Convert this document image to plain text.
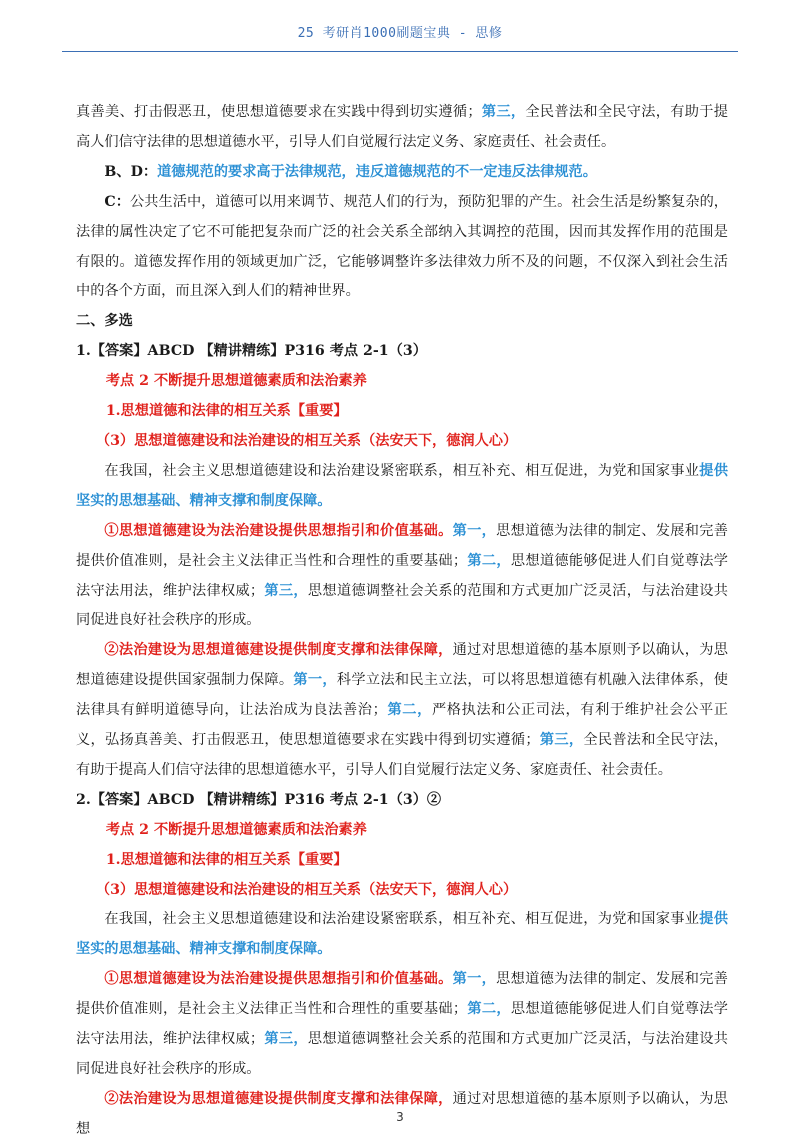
25 考研肖1000刷题宝典 - 思修

真善美、打击假恶丑，使思想道德要求在实践中得到切实遵循；第三，全民普法和全民守法，有助于提高人们信守法律的思想道德水平，引导人们自觉履行法定义务、家庭责任、社会责任。

B、D：道德规范的要求高于法律规范，违反道德规范的不一定违反法律规范。

C：公共生活中，道德可以用来调节、规范人们的行为，预防犯罪的产生。社会生活是纷繁复杂的，法律的属性决定了它不可能把复杂而广泛的社会关系全部纳入其调控的范围，因而其发挥作用的范围是有限的。道德发挥作用的领域更加广泛，它能够调整许多法律效力所不及的问题，不仅深入到社会生活中的各个方面，而且深入到人们的精神世界。

二、多选

1.【答案】ABCD 【精讲精练】P316 考点 2-1（3）

考点 2 不断提升思想道德素质和法治素养

1.思想道德和法律的相互关系【重要】

（3）思想道德建设和法治建设的相互关系（法安天下，德润人心）

在我国，社会主义思想道德建设和法治建设紧密联系，相互补充、相互促进，为党和国家事业提供坚实的思想基础、精神支撑和制度保障。

①思想道德建设为法治建设提供思想指引和价值基础。第一，思想道德为法律的制定、发展和完善提供价值准则，是社会主义法律正当性和合理性的重要基础；第二，思想道德能够促进人们自觉尊法学法守法用法，维护法律权威；第三，思想道德调整社会关系的范围和方式更加广泛灵活，与法治建设共同促进良好社会秩序的形成。

②法治建设为思想道德建设提供制度支撑和法律保障，通过对思想道德的基本原则予以确认，为思想道德建设提供国家强制力保障。第一，科学立法和民主立法，可以将思想道德有机融入法律体系，使法律具有鲜明道德导向，让法治成为良法善治；第二，严格执法和公正司法，有利于维护社会公平正义，弘扬真善美、打击假恶丑，使思想道德要求在实践中得到切实遵循；第三，全民普法和全民守法，有助于提高人们信守法律的思想道德水平，引导人们自觉履行法定义务、家庭责任、社会责任。

2.【答案】ABCD 【精讲精练】P316 考点 2-1（3）②

考点 2 不断提升思想道德素质和法治素养

1.思想道德和法律的相互关系【重要】

（3）思想道德建设和法治建设的相互关系（法安天下，德润人心）

在我国，社会主义思想道德建设和法治建设紧密联系，相互补充、相互促进，为党和国家事业提供坚实的思想基础、精神支撑和制度保障。

①思想道德建设为法治建设提供思想指引和价值基础。第一，思想道德为法律的制定、发展和完善提供价值准则，是社会主义法律正当性和合理性的重要基础；第二，思想道德能够促进人们自觉尊法学法守法用法，维护法律权威；第三，思想道德调整社会关系的范围和方式更加广泛灵活，与法治建设共同促进良好社会秩序的形成。

②法治建设为思想道德建设提供制度支撑和法律保障，通过对思想道德的基本原则予以确认，为思想

3
